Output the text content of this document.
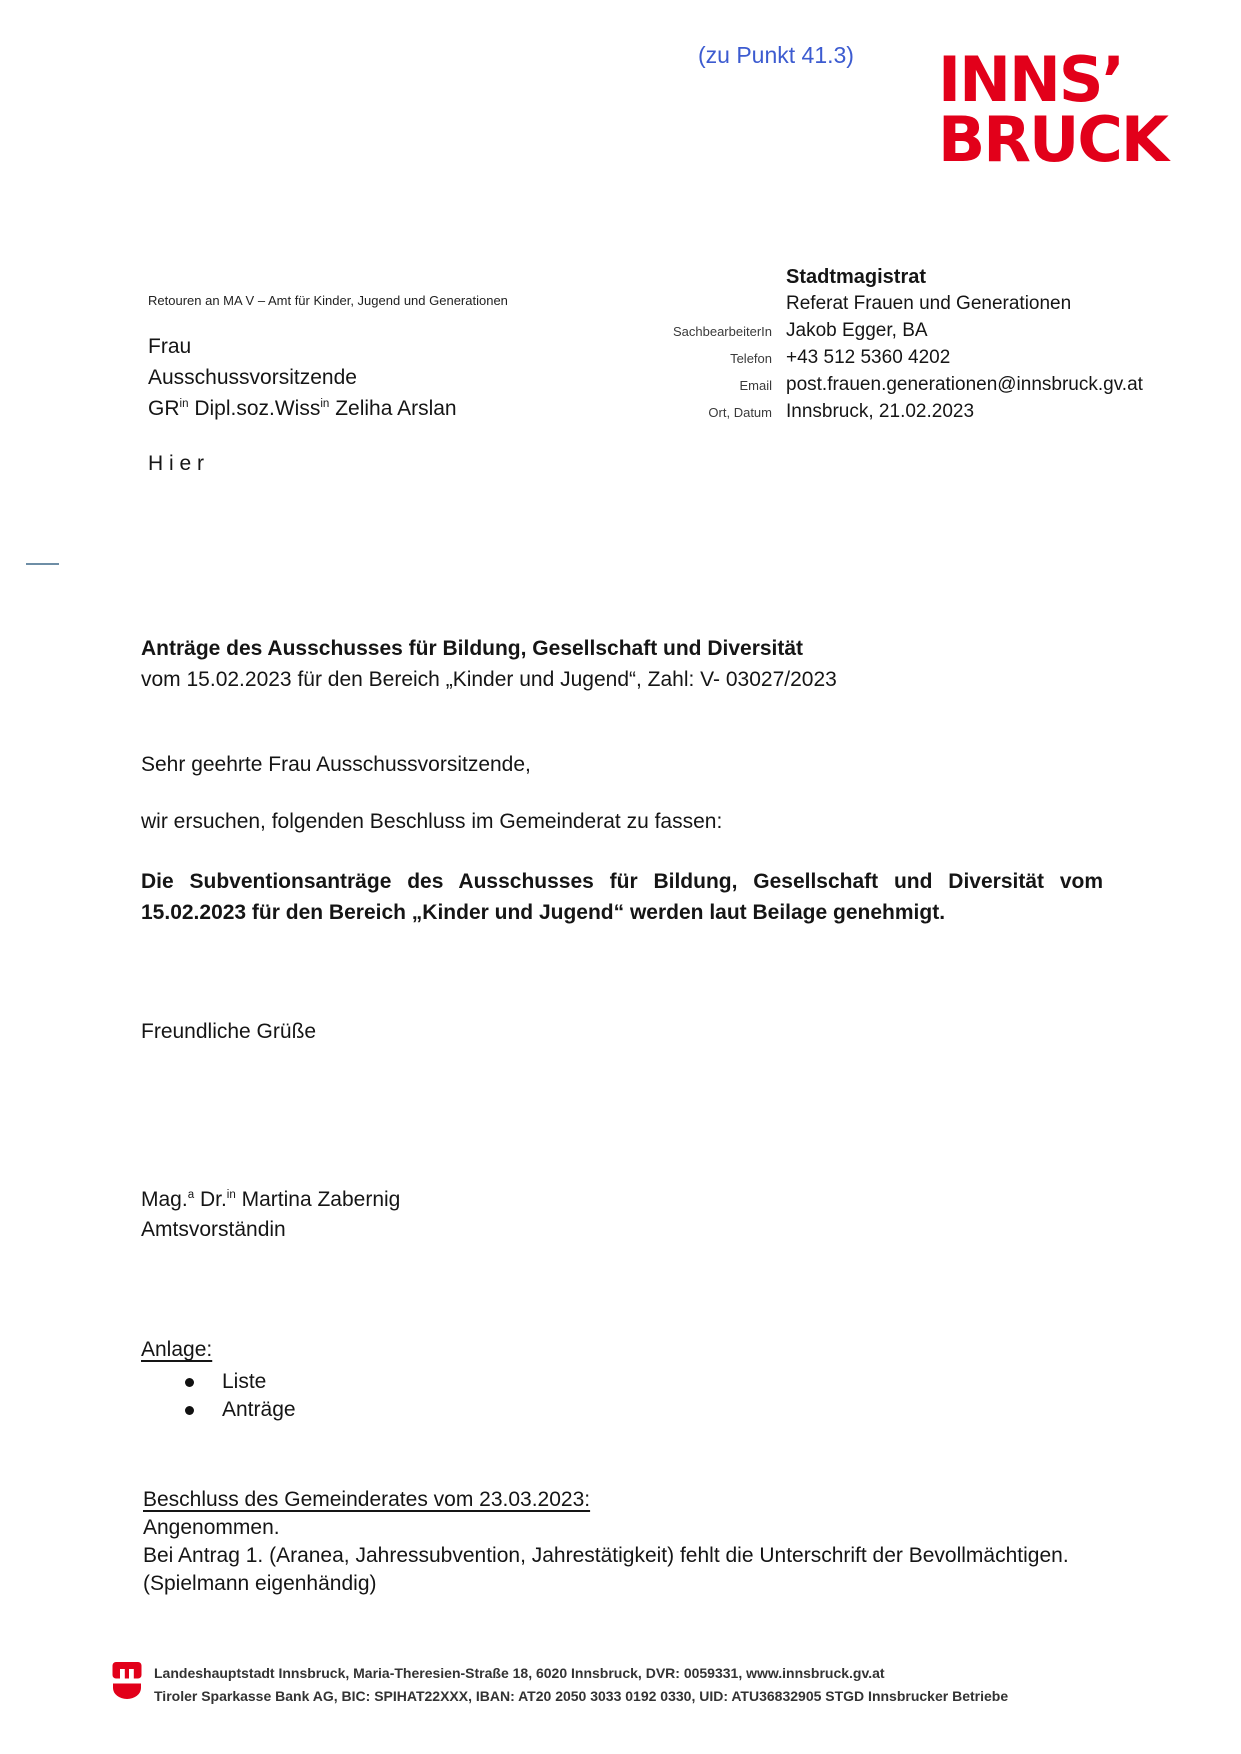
(zu Punkt 41.3) INNS’
BRUCK
Retouren an MA V – Amt für Kinder, Jugend und Generationen
Frau
Ausschussvorsitzende
$GR^{in}$ Dipl.soz.Wiss$^{in}$ Zeliha Arslan
H i e r
Stadtmagistrat
Referat Frauen und Generationen
SachbearbeiterIn Jakob Egger, BA
Telefon +43 512 5360 4202
Email post.frauen.generationen@innsbruck.gv.at
Ort, Datum Innsbruck, 21.02.2023
Anträge des Ausschusses für Bildung, Gesellschaft und Diversität
vom 15.02.2023 für den Bereich „Kinder und Jugend“, Zahl: V- 03027/2023
Sehr geehrte Frau Ausschussvorsitzende,
wir ersuchen, folgenden Beschluss im Gemeinderat zu fassen:
Die Subventionsanträge des Ausschusses für Bildung, Gesellschaft und Diversität vom 15.02.2023 für den Bereich „Kinder und Jugend“ werden laut Beilage genehmigt.
Freundliche Grüße
Mag.$^a$ Dr.$^{in}$ Martina Zabernig
Amtsvorständin
Anlage:
Liste
Anträge
Beschluss des Gemeinderates vom 23.03.2023:
Angenommen.
Bei Antrag 1. (Aranea, Jahressubvention, Jahrestätigkeit) fehlt die Unterschrift der Bevollmächtigen.
(Spielmann eigenhändig)
Landeshauptstadt Innsbruck, Maria-Theresien-Straße 18, 6020 Innsbruck, DVR: 0059331, www.innsbruck.gv.at
Tiroler Sparkasse Bank AG, BIC: SPIHAT22XXX, IBAN: AT20 2050 3033 0192 0330, UID: ATU36832905 STGD Innsbrucker Betriebe
